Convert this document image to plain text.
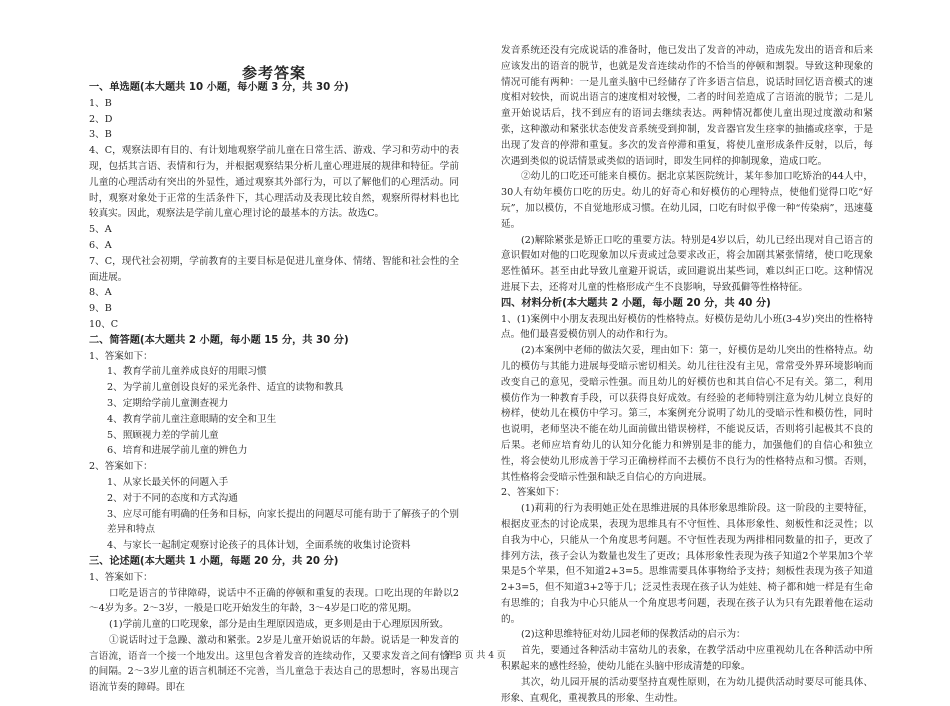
参考答案
一、单选题(本大题共 10 小题，每小题 3 分，共 30 分)
1、B
2、D
3、B
4、C，观察法即有目的、有计划地观察学前儿童在日常生活、游戏、学习和劳动中的表现，包括其言语、表情和行为，并根据观察结果分析儿童心理进展的规律和特征。学前儿童的心理活动有突出的外显性，通过观察其外部行为，可以了解他们的心理活动。同时，观察对象处于正常的生活条件下，其心理活动及表现比较自然，观察所得材料也比较真实。因此，观察法是学前儿童心理讨论的最基本的方法。故选C。
5、A
6、A
7、C，现代社会初期，学前教育的主要目标是促进儿童身体、情绪、智能和社会性的全面进展。
8、A
9、B
10、C
二、简答题(本大题共 2 小题，每小题 15 分，共 30 分)
1、答案如下：
1、教育学前儿童养成良好的用眼习惯
2、为学前儿童创设良好的采光条件、适宜的读物和教具
3、定期给学前儿童测查视力
4、教育学前儿童注意眼睛的安全和卫生
5、照顾视力差的学前儿童
6、培育和进展学前儿童的辨色力
2、答案如下：
1、从家长最关怀的问题入手
2、对于不同的态度和方式沟通
3、应尽可能有明确的任务和目标，向家长提出的问题尽可能有助于了解孩子的个别差异和特点
4、与家长一起制定观察讨论孩子的具体计划，全面系统的收集讨论资料
三、论述题(本大题共 1 小题，每题 20 分，共 20 分)
1、答案如下：
口吃是语言的节律障碍，说话中不正确的停顿和重复的表现。口吃出现的年龄以2～4岁为多。2～3岁，一般是口吃开始发生的年龄，3～4岁是口吃的常见期。
(1)学前儿童的口吃现象，部分是由生理原因造成，更多则是由于心理原因所致。
①说话时过于急躁、激动和紧张。2岁是儿童开始说话的年龄。说话是一种发音的言语流，语音一个接一个地发出。这里包含着发音的连续动作，又要求发音之间有恰当的间隔。2～3岁儿童的语言机制还不完善，当儿童急于表达自己的思想时，容易出现言语流节奏的障碍。即在
发音系统还没有完成说话的准备时，他已发出了发音的冲动，造成先发出的语音和后来应该发出的语音的脱节，也就是发音连续动作的不恰当的停顿和割裂。导致这种现象的情况可能有两种：一是儿童头脑中已经储存了许多语言信息，说话时回忆语音模式的速度相对较快，而说出语言的速度相对较慢，二者的时间差造成了言语流的脱节；二是儿童开始说话后，找不到应有的语词去继续表达。两种情况都使儿童出现过度激动和紧张，这种激动和紧张状态使发音系统受到抑制，发音器官发生痉挛的抽搐或痉挛，于是出现了发音的停滞和重复。多次的发音停滞和重复，将使儿童形成条件反射，以后，每次遇到类似的说话情景或类似的语词时，即发生同样的抑制现象，造成口吃。
②幼儿的口吃还可能来自模仿。据北京某医院统计，某年参加口吃矫治的44人中，30人有幼年模仿口吃的历史。幼儿的好奇心和好模仿的心理特点，使他们觉得口吃“好玩”，加以模仿，不自觉地形成习惯。在幼儿园，口吃有时似乎像一种“传染病”，迅速蔓延。
(2)解除紧张是矫正口吃的重要方法。特别是4岁以后，幼儿已经出现对自己语言的意识假如对他的口吃现象加以斥责或过急要求改正，将会加剧其紧张情绪，使口吃现象恶性循环。甚至由此导致儿童避开说话，或回避说出某些词，难以纠正口吃。这种情况进展下去，还将对儿童的性格形成产生不良影响，导致孤僻等性格特征。
四、材料分析(本大题共 2 小题，每小题 20 分，共 40 分)
1、(1)案例中小朋友表现出好模仿的性格特点。好模仿是幼儿小班(3-4岁)突出的性格特点。他们最喜爱模仿别人的动作和行为。
(2)本案例中老师的做法欠妥，理由如下：第一，好模仿是幼儿突出的性格特点。幼儿的模仿与其能力进展每受暗示密切相关。幼儿往往没有主见，常常受外界环境影响而改变自己的意见，受暗示性强。而且幼儿的好模仿也和其自信心不足有关。第二，利用模仿作为一种教育手段，可以获得良好成效。有经验的老师特别注意为幼儿树立良好的榜样，使幼儿在模仿中学习。第三，本案例充分说明了幼儿的受暗示性和模仿性，同时也说明，老师坚决不能在幼儿面前做出错误榜样，不能说反话，否则将引起极其不良的后果。老师应培育幼儿的认知分化能力和辨别是非的能力，加强他们的自信心和独立性，将会使幼儿形成善于学习正确榜样而不去模仿不良行为的性格特点和习惯。否则，其性格将会受暗示性强和缺乏自信心的方向进展。
2、答案如下：
(1)莉莉的行为表明她正处在思维进展的具体形象思维阶段。这一阶段的主要特征，根据皮亚杰的讨论成果，表现为思维具有不守恒性、具体形象性、刻板性和泛灵性；以自我为中心，只能从一个角度思考问题。不守恒性表现为两排相同数量的扣子，更改了排列方法，孩子会认为数量也发生了更改；具体形象性表现为孩子知道2个苹果加3个苹果是5个苹果，但不知道2+3=5。思维需要具体事物给予支持；刻板性表现为孩子知道2+3=5，但不知道3+2等于几；泛灵性表现在孩子认为娃娃、椅子都和她一样是有生命有思维的；自我为中心只能从一个角度思考问题，表现在孩子认为只有先跟着他在运动的。
(2)这种思维特征对幼儿园老师的保教活动的启示为：
首先，要通过各种活动丰富幼儿的表象，在教学活动中应重视幼儿在各种活动中所积累起来的感性经验，使幼儿能在头脑中形成清楚的印象。
其次，幼儿园开展的活动要坚持直观性原则，在为幼儿提供活动时要尽可能具体、形象、直观化，重视教具的形象、生动性。
第 3 页 共 4 页
